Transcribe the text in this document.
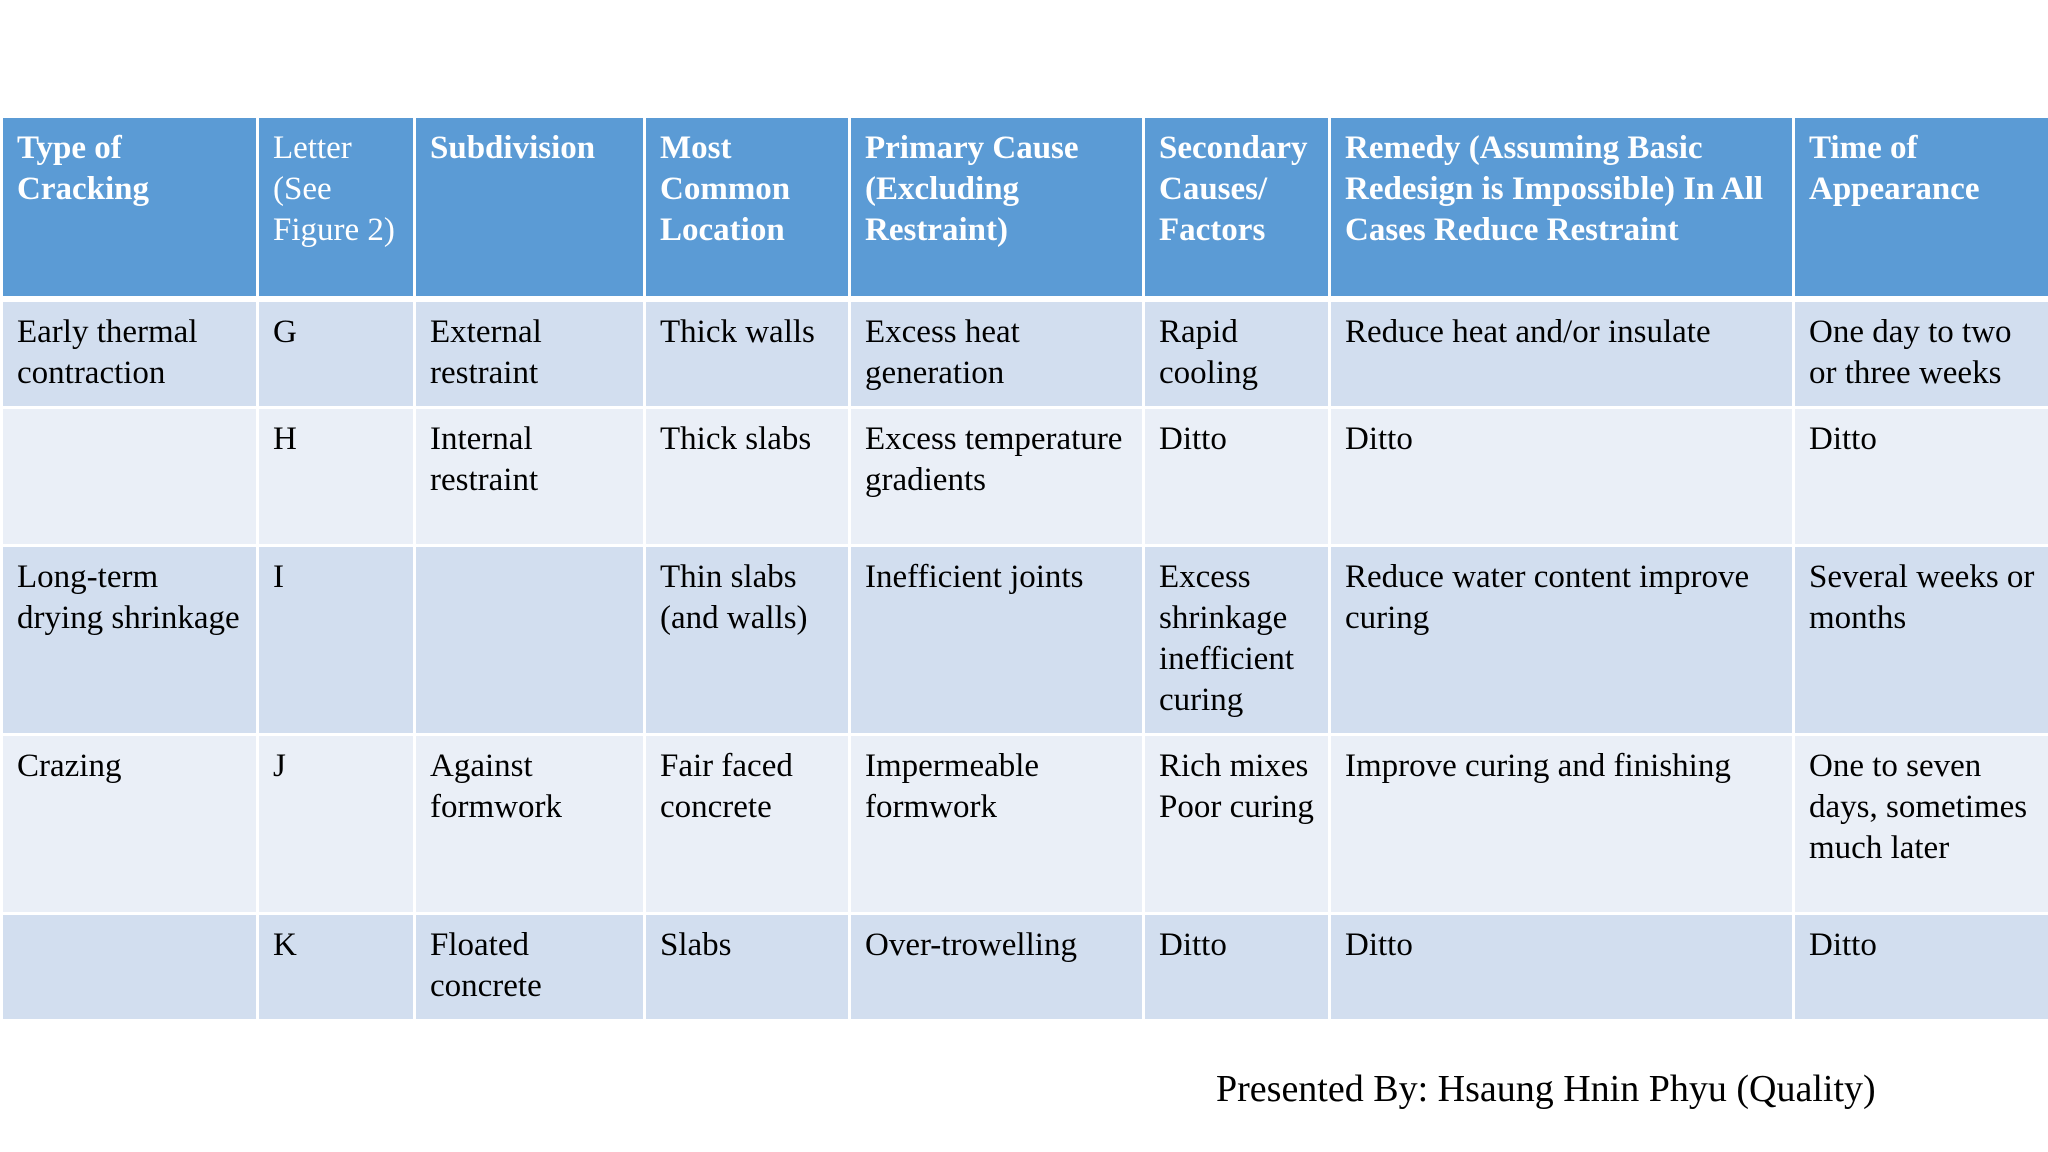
Type of Cracking	Letter (See Figure 2)	Subdivision	Most Common Location	Primary Cause (Excluding Restraint)	Secondary Causes/ Factors	Remedy (Assuming Basic Redesign is Impossible) In All Cases Reduce Restraint	Time of Appearance
Early thermal contraction	G	External restraint	Thick walls	Excess heat generation	Rapid cooling	Reduce heat and/or insulate	One day to two or three weeks
	H	Internal restraint	Thick slabs	Excess temperature gradients	Ditto	Ditto	Ditto
Long-term drying shrinkage	I		Thin slabs (and walls)	Inefficient joints	Excess shrinkage inefficient curing	Reduce water content improve curing	Several weeks or months
Crazing	J	Against formwork	Fair faced concrete	Impermeable formwork	Rich mixes Poor curing	Improve curing and finishing	One to seven days, sometimes much later
	K	Floated concrete	Slabs	Over-trowelling	Ditto	Ditto	Ditto
Presented By: Hsaung Hnin Phyu (Quality)
